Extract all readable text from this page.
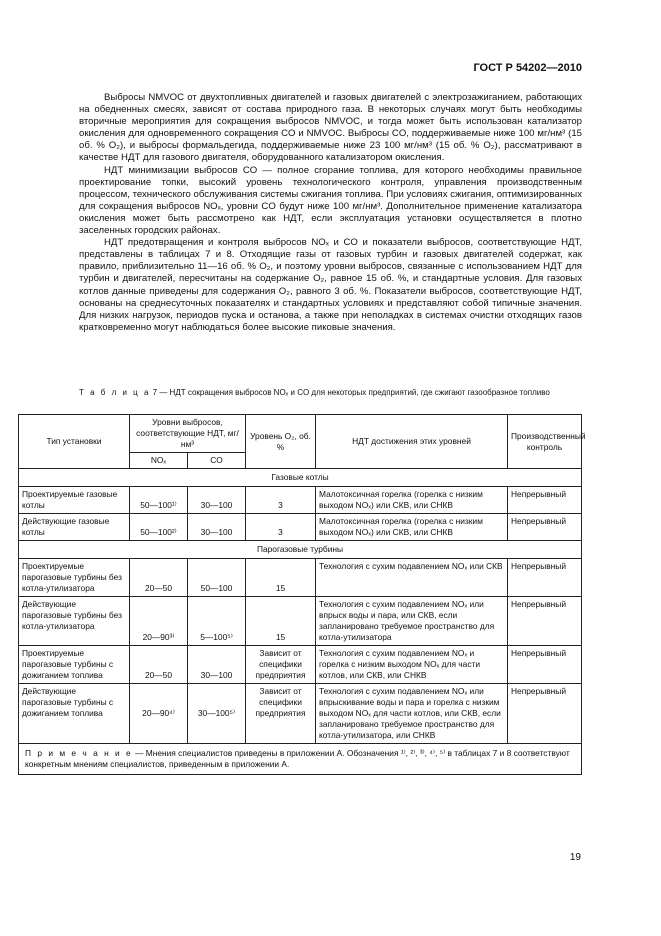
ГОСТ Р 54202—2010

Выбросы NMVOC от двухтопливных двигателей и газовых двигателей с электрозажиганием, работающих на обедненных смесях, зависят от состава природного газа. В некоторых случаях могут быть необходимы вторичные мероприятия для сокращения выбросов NMVOC, и тогда может быть использован катализатор окисления для одновременного сокращения CO и NMVOC. Выбросы CO, поддерживаемые ниже 100 мг/нм³ (15 об. % O₂), и выбросы формальдегида, поддерживаемые ниже 23 100 мг/нм³ (15 об. % O₂), рассматривают в качестве НДТ для газового двигателя, оборудованного катализатором окисления.

НДТ минимизации выбросов CO — полное сгорание топлива, для которого необходимы правильное проектирование топки, высокий уровень технологического контроля, управления производственным процессом, технического обслуживания системы сжигания топлива. При условиях сжигания, оптимизированных для сокращения выбросов NOₓ, уровни CO будут ниже 100 мг/нм³. Дополнительное применение катализатора окисления может быть рассмотрено как НДТ, если эксплуатация установки осуществляется в плотно заселенных городских районах.

НДТ предотвращения и контроля выбросов NOₓ и CO и показатели выбросов, соответствующие НДТ, представлены в таблицах 7 и 8. Отходящие газы от газовых турбин и газовых двигателей содержат, как правило, приблизительно 11—16 об. % O₂, и поэтому уровни выбросов, связанные с использованием НДТ для турбин и двигателей, пересчитаны на содержание O₂, равное 15 об. %, и стандартные условия. Для газовых котлов данные приведены для содержания O₂, равного 3 об. %. Показатели выбросов, соответствующие НДТ, основаны на среднесуточных показателях и стандартных условиях и представляют собой типичные значения. Для низких нагрузок, периодов пуска и останова, а также при неполадках в системах очистки отходящих газов кратковременно могут наблюдаться более высокие пиковые значения.

Т а б л и ц а 7 — НДТ сокращения выбросов NOₓ и CO для некоторых предприятий, где сжигают газообразное топливо
Тип установки	Уровни выбросов, соответствующие НДТ, мг/нм³		Уровень O₂, об. %	НДТ достижения этих уровней	Производственный контроль
	NOₓ	CO			
Газовые котлы					
Проектируемые газовые котлы	50—100¹⁾	30—100	3	Малотоксичная горелка (горелка с низким выходом NOₓ) или СКВ, или СНКВ	Непрерывный
Действующие газовые котлы	50—100²⁾	30—100	3	Малотоксичная горелка (горелка с низким выходом NOₓ) или СКВ, или СНКВ	Непрерывный
Парогазовые турбины					
Проектируемые парогазовые турбины без котла-утилизатора	20—50	50—100	15	Технология с сухим подавлением NOₓ или СКВ	Непрерывный
Действующие парогазовые турбины без котла-утилизатора	20—90³⁾	5—100⁵⁾	15	Технология с сухим подавлением NOₓ или впрыск воды и пара, или СКВ, если запланировано требуемое пространство для котла-утилизатора	Непрерывный
Проектируемые парогазовые турбины с дожиганием топлива	20—50	30—100	Зависит от специфики предприятия	Технология с сухим подавлением NOₓ и горелка с низким выходом NOₓ для части котлов, или СКВ, или СНКВ	Непрерывный
Действующие парогазовые турбины с дожиганием топлива	20—90⁴⁾	30—100⁵⁾	Зависит от специфики предприятия	Технология с сухим подавлением NOₓ или впрыскивание воды и пара и горелка с низким выходом NOₓ для части котлов, или СКВ, если запланировано требуемое пространство для котла-утилизатора, или СНКВ	Непрерывный
П р и м е ч а н и е — Мнения специалистов приведены в приложении А. Обозначения ¹⁾, ²⁾, ³⁾, ⁴⁾, ⁵⁾ в таблицах 7 и 8 соответствуют конкретным мнениям специалистов, приведенным в приложении А.					
19
